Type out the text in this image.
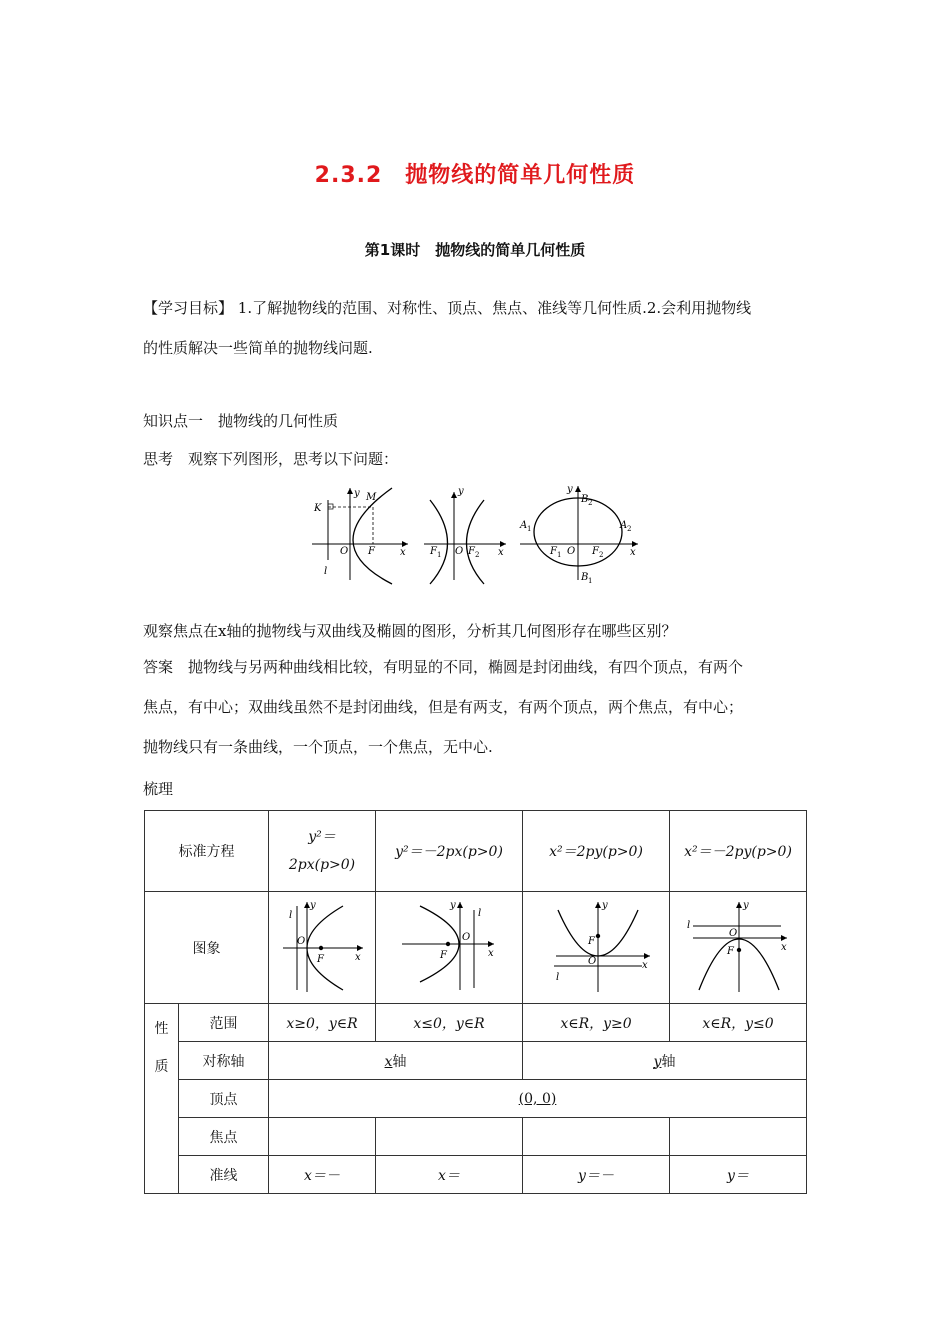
2.3.2　抛物线的简单几何性质
第1课时　抛物线的简单几何性质
【学习目标】 1.了解抛物线的范围、对称性、顶点、焦点、准线等几何性质.2.会利用抛物线
的性质解决一些简单的抛物线问题.
知识点一　抛物线的几何性质
思考　观察下列图形，思考以下问题：
y M
K
O F	x
l
y
F 1 O F 2 x
y
B 2
A 1	A 2
F 1 O F 2	x
B 1
观察焦点在x轴的抛物线与双曲线及椭圆的图形，分析其几何图形存在哪些区别？
答案　抛物线与另两种曲线相比较，有明显的不同，椭圆是封闭曲线，有四个顶点，有两个
焦点，有中心；双曲线虽然不是封闭曲线，但是有两支，有两个顶点，两个焦点，有中心；
抛物线只有一条曲线，一个顶点，一个焦点，无中心.
梳理
标准方程		y²＝
2px(p>0)	y²＝－2px(p>0)	x²＝2py(p>0)	x²＝－2py(p>0)
图象		y
l
O
F x	y
l
O
F x	y
F
O x
l	y
l
O
F x

性
质	范围	x≥0，y∈R	x≤0，y∈R	x∈R，y≥0	x∈R，y≤0
	对称轴	x轴		y轴	
	顶点	(0, 0)			
	焦点				
	准线	x＝－	x＝	y＝－	y＝
